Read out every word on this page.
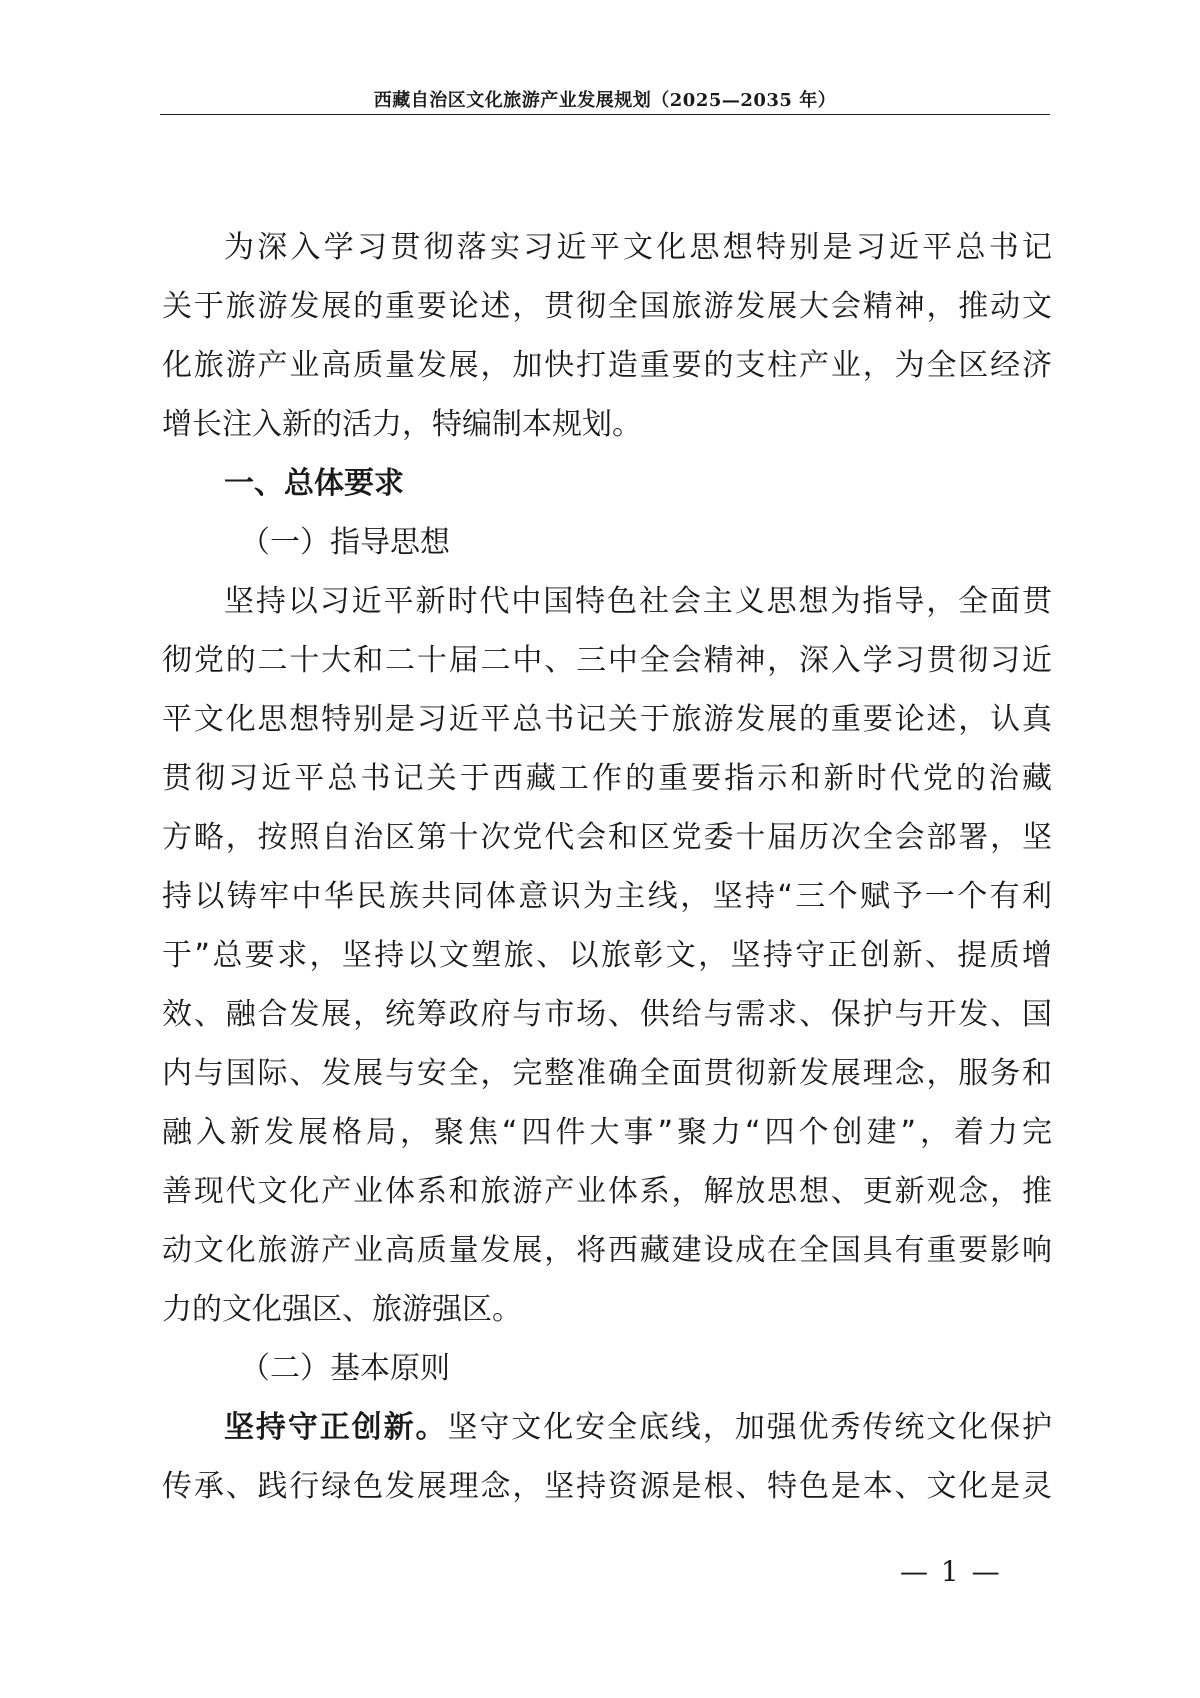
西藏自治区文化旅游产业发展规划（2025—2035 年）
为深入学习贯彻落实习近平文化思想特别是习近平总书记
关于旅游发展的重要论述，贯彻全国旅游发展大会精神，推动文
化旅游产业高质量发展，加快打造重要的支柱产业，为全区经济
增长注入新的活力，特编制本规划。
一、总体要求
（一）指导思想
坚持以习近平新时代中国特色社会主义思想为指导，全面贯
彻党的二十大和二十届二中、三中全会精神，深入学习贯彻习近
平文化思想特别是习近平总书记关于旅游发展的重要论述，认真
贯彻习近平总书记关于西藏工作的重要指示和新时代党的治藏
方略，按照自治区第十次党代会和区党委十届历次全会部署，坚
持以铸牢中华民族共同体意识为主线，坚持“三个赋予一个有利
于”总要求，坚持以文塑旅、以旅彰文，坚持守正创新、提质增
效、融合发展，统筹政府与市场、供给与需求、保护与开发、国
内与国际、发展与安全，完整准确全面贯彻新发展理念，服务和
融入新发展格局，聚焦“四件大事”聚力“四个创建”，着力完
善现代文化产业体系和旅游产业体系，解放思想、更新观念，推
动文化旅游产业高质量发展，将西藏建设成在全国具有重要影响
力的文化强区、旅游强区。
（二）基本原则
坚持守正创新。坚守文化安全底线，加强优秀传统文化保护
传承、践行绿色发展理念，坚持资源是根、特色是本、文化是灵
— 1 —
